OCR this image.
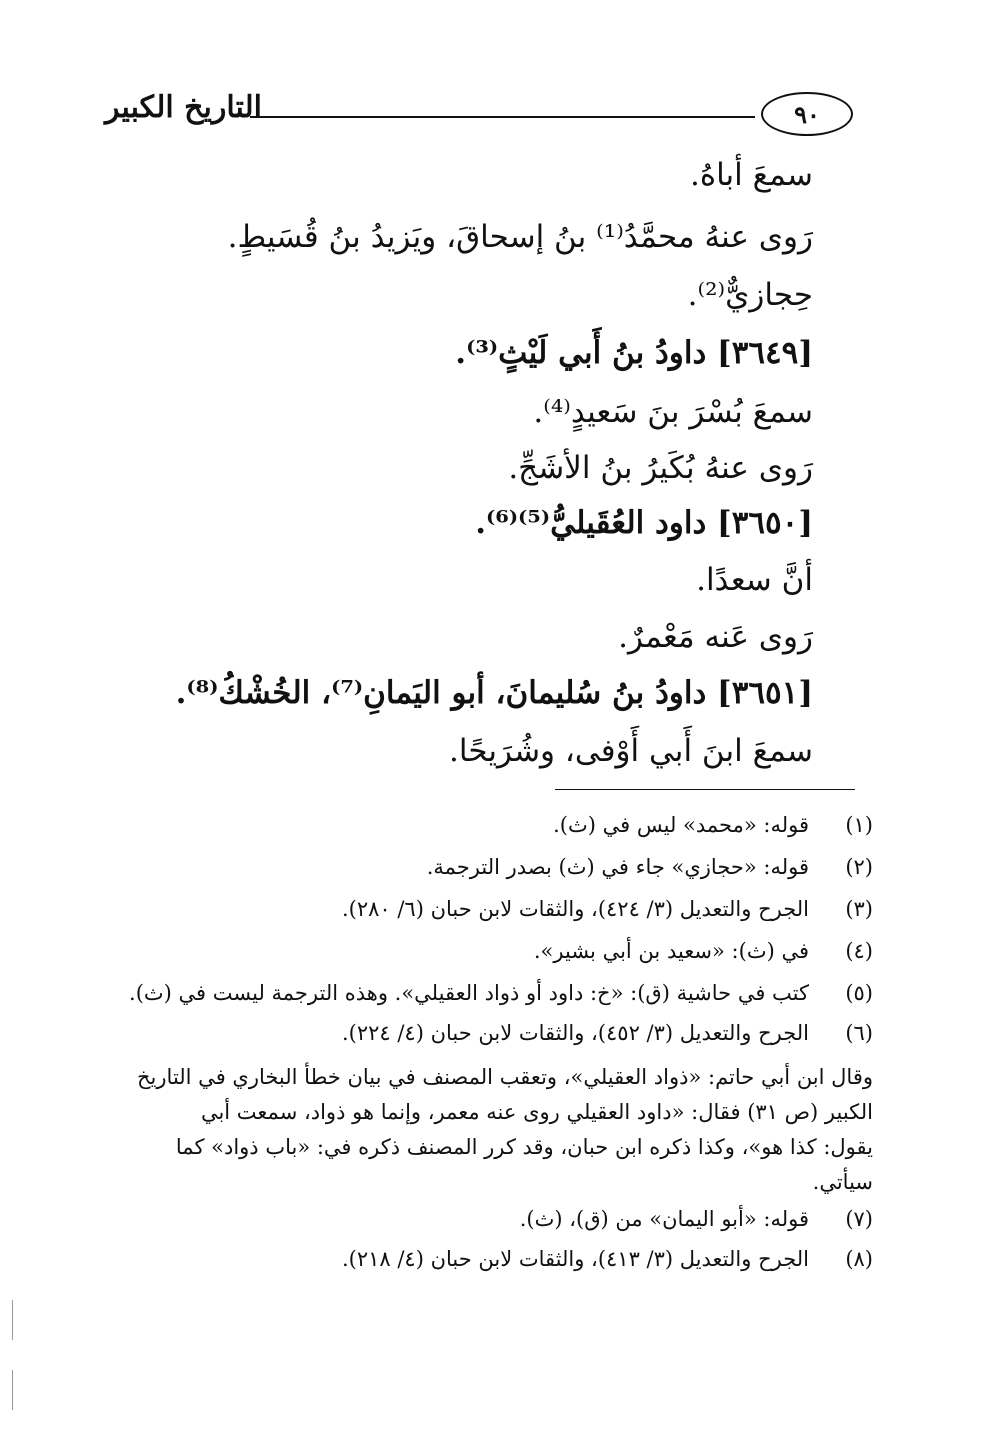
التاريخ الكبير	٩٠
سمعَ أباهُ.
رَوى عنهُ محمَّدُ⁽¹⁾ بنُ إسحاقَ، ويَزيدُ بنُ قُسَيطٍ.
حِجازيٌّ⁽²⁾.
[٣٦٤٩] داودُ بنُ أَبي لَيْثٍ⁽³⁾.
سمعَ بُسْرَ بنَ سَعيدٍ⁽⁴⁾.
رَوى عنهُ بُكَيرُ بنُ الأشَجِّ.
[٣٦٥٠] داود العُقَيليُّ⁽⁵⁾⁽⁶⁾.
أنَّ سعدًا.
رَوى عَنه مَعْمرٌ.
[٣٦٥١] داودُ بنُ سُليمانَ، أبو اليَمانِ⁽⁷⁾، الخُشْكُ⁽⁸⁾.
سمعَ ابنَ أَبي أَوْفى، وشُرَيحًا.
(١)قوله: «محمد» ليس في (ث).
(٢)قوله: «حجازي» جاء في (ث) بصدر الترجمة.
(٣)الجرح والتعديل (٣/ ٤٢٤)، والثقات لابن حبان (٦/ ٢٨٠).
(٤)في (ث): «سعيد بن أبي بشير».
(٥)كتب في حاشية (ق): «خ: داود أو ذواد العقيلي». وهذه الترجمة ليست في (ث).
(٦)الجرح والتعديل (٣/ ٤٥٢)، والثقات لابن حبان (٤/ ٢٢٤).
وقال ابن أبي حاتم: «ذواد العقيلي»، وتعقب المصنف في بيان خطأ البخاري في التاريخ
الكبير (ص ٣١) فقال: «داود العقيلي روى عنه معمر، وإنما هو ذواد، سمعت أبي
يقول: كذا هو»، وكذا ذكره ابن حبان، وقد كرر المصنف ذكره في: «باب ذواد» كما
سيأتي.
(٧)قوله: «أبو اليمان» من (ق)، (ث).
(٨)الجرح والتعديل (٣/ ٤١٣)، والثقات لابن حبان (٤/ ٢١٨).
